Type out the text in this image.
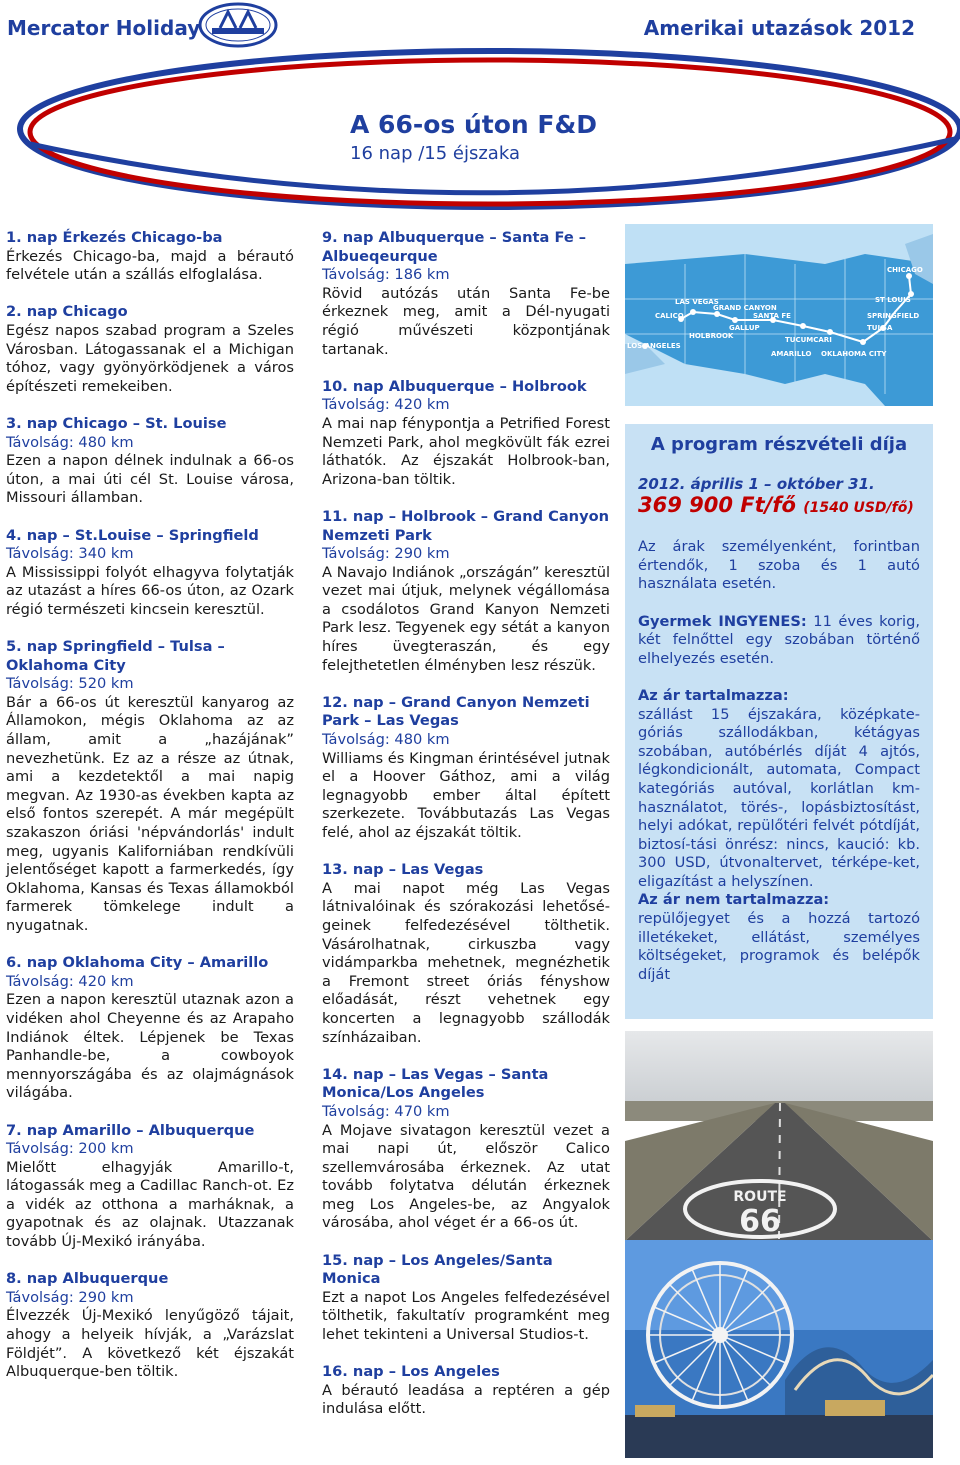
Mercator Holiday	Amerikai utazások 2012
A 66-os úton F&D
16 nap /15 éjszaka
1. nap Érkezés Chicago-ba

Érkezés Chicago-ba, majd a bérautó felvétele után a szállás elfoglalása.

2. nap Chicago

Egész napos szabad program a Szeles Városban. Látogassanak el a Michigan tóhoz, vagy gyönyörködjenek a város építészeti remekeiben.

3. nap Chicago – St. Louise
Távolság: 480 km

Ezen a napon délnek indulnak a 66-os úton, a mai úti cél St. Louise városa, Missouri államban.

4. nap – St.Louise – Springfield
Távolság: 340 km

A Mississippi folyót elhagyva folytatják az utazást a híres 66-os úton, az Ozark régió természeti kincsein keresztül.

5. nap Springfield – Tulsa – Oklahoma City
Távolság: 520 km

Bár a 66-os út keresztül kanyarog az Államokon, mégis Oklahoma az az állam, amit a „hazájának” nevezhetünk. Ez az a része az útnak, ami a kezdetektől a mai napig megvan. Az 1930-as években kapta az első fontos szerepét. A már megépült szakaszon óriási 'népvándorlás' indult meg, ugyanis Kaliforniában rendkívüli jelentőséget kapott a farmerkedés, így Oklahoma, Kansas és Texas államokból farmerek tömkelege indult a nyugatnak.

6. nap Oklahoma City – Amarillo
Távolság: 420 km

Ezen a napon keresztül utaznak azon a vidéken ahol Cheyenne és az Arapaho Indiánok éltek. Lépjenek be Texas Panhandle-be, a cowboyok mennyországába és az olajmágnások világába.

7. nap Amarillo – Albuquerque
Távolság: 200 km

Mielőtt elhagyják Amarillo-t, látogassák meg a Cadillac Ranch-ot. Ez a vidék az otthona a marháknak, a gyapotnak és az olajnak. Utazzanak tovább Új-Mexikó irányába.

8. nap Albuquerque
Távolság: 290 km

Élvezzék Új-Mexikó lenyűgöző tájait, ahogy a helyeik hívják, a „Varázslat Földjét”. A következő két éjszakát Albuquerque-ben töltik.

9. nap Albuquerque – Santa Fe – Albueqeurque
Távolság: 186 km

Rövid autózás után Santa Fe-be érkeznek meg, amit a Dél-nyugati régió művészeti központjának tartanak.

10. nap Albuquerque – Holbrook
Távolság: 420 km

A mai nap fénypontja a Petrified Forest Nemzeti Park, ahol megkövült fák ezrei láthatók. Az éjszakát Holbrook-ban, Arizona-ban töltik.

11. nap – Holbrook – Grand Canyon Nemzeti Park
Távolság: 290 km

A Navajo Indiánok „országán” keresztül vezet mai útjuk, melynek végállomása a csodálotos Grand Kanyon Nemzeti Park lesz. Tegyenek egy sétát a kanyon híres üvegteraszán, és egy felejthetetlen élményben lesz részük.

12. nap – Grand Canyon Nemzeti Park – Las Vegas
Távolság: 480 km

Williams és Kingman érintésével jutnak el a Hoover Gáthoz, ami a világ legnagyobb ember által épített szerkezete. Továbbutazás Las Vegas felé, ahol az éjszakát töltik.

13. nap – Las Vegas

A mai napot még Las Vegas látnivalóinak és szórakozási lehetősé-geinek felfedezésével tölthetik. Vásárolhatnak, cirkuszba vagy vidámparkba mehetnek, megnézhetik a Fremont street óriás fényshow előadását, részt vehetnek egy koncerten a legnagyobb szállodák színházaiban.

14. nap – Las Vegas – Santa Monica/Los Angeles
Távolság: 470 km

A Mojave sivatagon keresztül vezet a mai napi út, először Calico szellemvárosába érkeznek. Az utat tovább folytatva délután érkeznek meg Los Angeles-be, az Angyalok városába, ahol véget ér a 66-os út.

15. nap – Los Angeles/Santa Monica

Ezt a napot Los Angeles felfedezésével tölthetik, fakultatív programként meg lehet tekinteni a Universal Studios-t.

16. nap – Los Angeles

A bérautó leadása a reptéren a gép indulása előtt.

CHICAGO
ST LOUIS
SPRINGFIELD
TULSA
OKLAHOMA CITY
AMARILLO
TUCUMCARI
SANTA FE
GALLUP
GRAND CANYON
LAS VEGAS
CALICO
HOLBROOK
LOS ANGELES
A program részvételi díja
2012. április 1 – október 31.
369 900 Ft/fő (1540 USD/fő)

Az árak személyenként, forintban értendők, 1 szoba és 1 autó használata esetén.

Gyermek INGYENES: 11 éves korig, két felnőttel egy szobában történő elhelyezés esetén.

Az ár tartalmazza:

szállást 15 éjszakára, középkate-góriás szállodákban, kétágyas szobában, autóbérlés díját 4 ajtós, légkondicionált, automata, Compact kategóriás autóval, korlátlan km-használatot, törés-, lopásbiztosítást, helyi adókat, repülőtéri felvét pótdíját, biztosí-tási önrész: nincs, kaució: kb. 300 USD, útvonaltervet, térképe-ket, eligazítást a helyszínen.

Az ár nem tartalmazza:

repülőjegyet és a hozzá tartozó illetékeket, ellátást, személyes költségeket, programok és belépők díját

ROUTE
66
